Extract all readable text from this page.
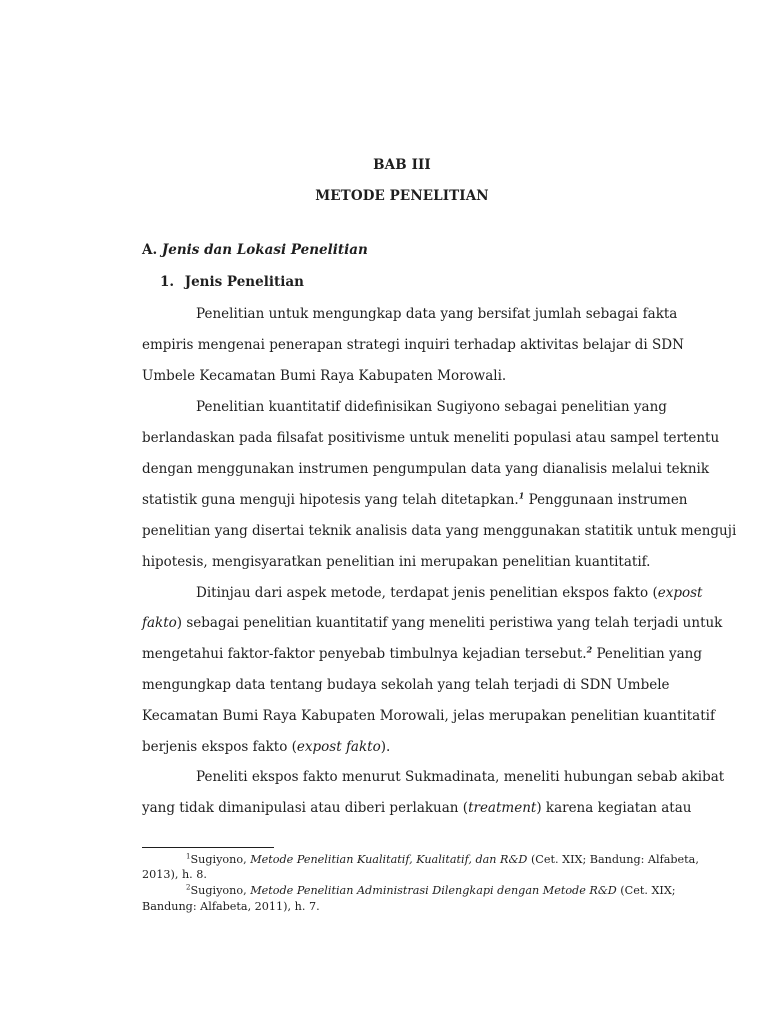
BAB III
METODE PENELITIAN
A. Jenis dan Lokasi Penelitian
1. Jenis Penelitian
Penelitian untuk mengungkap data yang bersifat jumlah sebagai fakta
empiris mengenai penerapan strategi inquiri terhadap aktivitas belajar di SDN
Umbele Kecamatan Bumi Raya Kabupaten Morowali.
Penelitian kuantitatif didefinisikan Sugiyono sebagai penelitian yang
berlandaskan pada filsafat positivisme untuk meneliti populasi atau sampel tertentu
dengan menggunakan instrumen pengumpulan data yang dianalisis melalui teknik
statistik guna menguji hipotesis yang telah ditetapkan.$^1$ Penggunaan instrumen
penelitian yang disertai teknik analisis data yang menggunakan statitik untuk menguji
hipotesis, mengisyaratkan penelitian ini merupakan penelitian kuantitatif.
Ditinjau dari aspek metode, terdapat jenis penelitian ekspos fakto (expost
fakto) sebagai penelitian kuantitatif yang meneliti peristiwa yang telah terjadi untuk
mengetahui faktor-faktor penyebab timbulnya kejadian tersebut.$^2$ Penelitian yang
mengungkap data tentang budaya sekolah yang telah terjadi di SDN Umbele
Kecamatan Bumi Raya Kabupaten Morowali, jelas merupakan penelitian kuantitatif
berjenis ekspos fakto (expost fakto).
Peneliti ekspos fakto menurut Sukmadinata, meneliti hubungan sebab akibat
yang tidak dimanipulasi atau diberi perlakuan (treatment) karena kegiatan atau
$^1$Sugiyono, Metode Penelitian Kualitatif, Kualitatif, dan R&D (Cet. XIX; Bandung: Alfabeta,
2013), h. 8.
$^2$Sugiyono, Metode Penelitian Administrasi Dilengkapi dengan Metode R&D (Cet. XIX;
Bandung: Alfabeta, 2011), h. 7.
